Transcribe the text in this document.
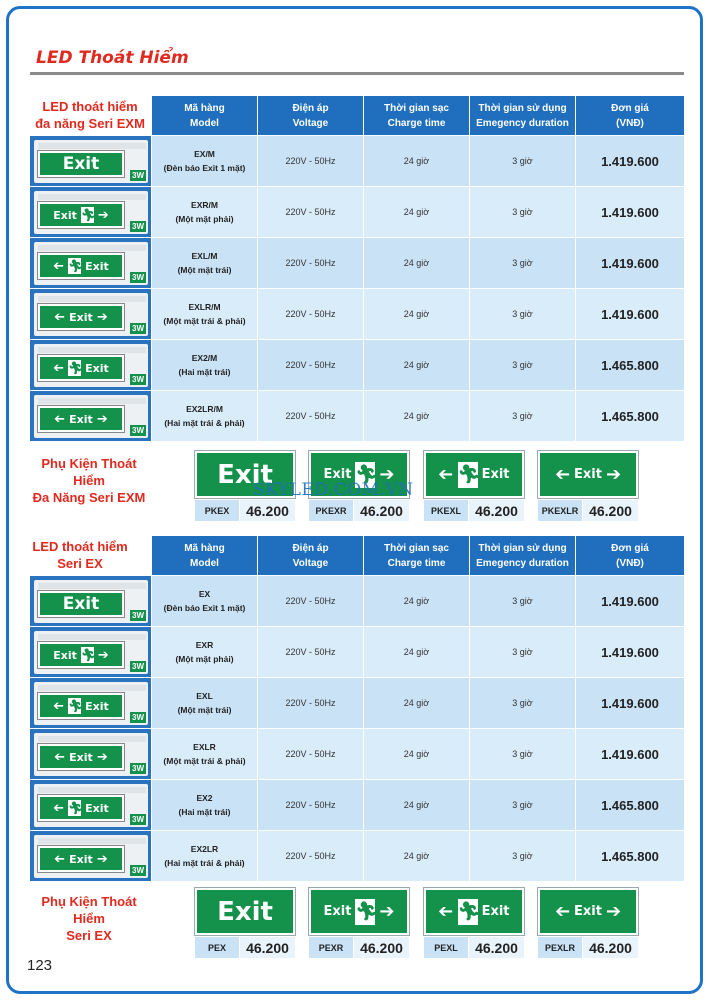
LED Thoát Hiểm
LED thoát hiểm
đa năng Seri EXM
Mã hàng
Model
Điện áp
Voltage
Thời gian sạc
Charge time
Thời gian sử dụng
Emegency duration
Đơn giá
(VNĐ)
Exit
3W
EX/M
(Đèn báo Exit 1 mặt)
220V - 50Hz	24 giờ	3 giờ	1.419.600
Exit 🏃︎ ➔
3W
EXR/M
(Một mặt phải)
220V - 50Hz	24 giờ	3 giờ	1.419.600
➔ 🏃︎ Exit
3W
EXL/M
(Một mặt trái)
220V - 50Hz	24 giờ	3 giờ	1.419.600
➔ Exit ➔
3W
EXLR/M
(Một mặt trái & phải)
220V - 50Hz	24 giờ	3 giờ	1.419.600
➔ 🏃︎ Exit
3W
EX2/M
(Hai mặt trái)
220V - 50Hz	24 giờ	3 giờ	1.465.800
➔ Exit ➔
3W
EX2LR/M
(Hai mặt trái & phải)
220V - 50Hz	24 giờ	3 giờ	1.465.800
Phụ Kiện Thoát Hiểm
Đa Năng Seri EXM
Exit
PKEX	46.200
Exit 🏃︎ ➔
PKEXR 46.200
➔ 🏃︎ Exit
PKEXL	46.200
➔ Exit ➔
PKEXLR 46.200
SKYLED.COM.VN
LED thoát hiểm
Seri EX
Mã hàng
Model
Điện áp
Voltage
Thời gian sạc
Charge time
Thời gian sử dụng
Emegency duration
Đơn giá
(VNĐ)
Exit
3W
EX
(Đèn báo Exit 1 mặt)
220V - 50Hz	24 giờ	3 giờ	1.419.600
Exit 🏃︎ ➔
3W
EXR
(Một mặt phải)
220V - 50Hz	24 giờ	3 giờ	1.419.600
➔ 🏃︎ Exit
3W
EXL
(Một mặt trái)
220V - 50Hz	24 giờ	3 giờ	1.419.600
➔ Exit ➔
3W
EXLR
(Một mặt trái & phải)
220V - 50Hz	24 giờ	3 giờ	1.419.600
➔ 🏃︎ Exit
3W
EX2
(Hai mặt trái)
220V - 50Hz	24 giờ	3 giờ	1.465.800
➔ Exit ➔
3W
EX2LR
(Hai mặt trái & phải)
220V - 50Hz	24 giờ	3 giờ	1.465.800
Phụ Kiện Thoát Hiểm
Seri EX
Exit
PEX	46.200
Exit 🏃︎ ➔
PEXR	46.200
➔ 🏃︎ Exit
PEXL	46.200
➔ Exit ➔
PEXLR	46.200
123
